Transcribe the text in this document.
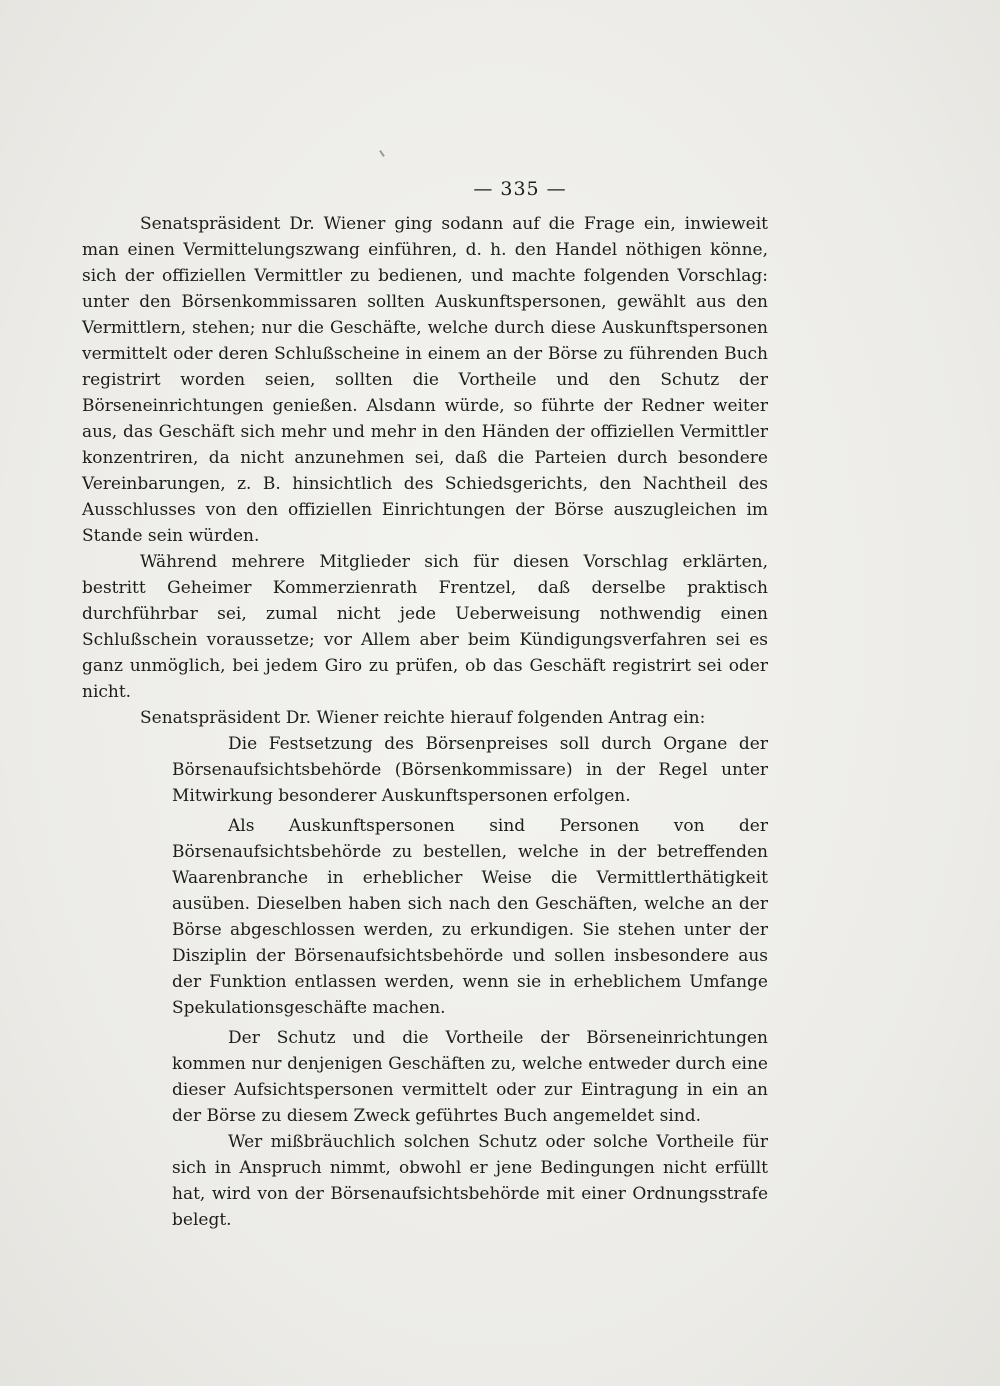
— 335 —

Senatspräsident Dr. Wiener ging sodann auf die Frage ein, inwieweit man einen Vermittelungszwang einführen, d. h. den Handel nöthigen könne, sich der offiziellen Vermittler zu bedienen, und machte folgenden Vorschlag: unter den Börsenkommissaren sollten Auskunftspersonen, gewählt aus den Vermittlern, stehen; nur die Geschäfte, welche durch diese Auskunftspersonen vermittelt oder deren Schlußscheine in einem an der Börse zu führenden Buch registrirt worden seien, sollten die Vortheile und den Schutz der Börseneinrichtungen genießen. Alsdann würde, so führte der Redner weiter aus, das Geschäft sich mehr und mehr in den Händen der offiziellen Vermittler konzentriren, da nicht anzunehmen sei, daß die Parteien durch besondere Vereinbarungen, z. B. hinsichtlich des Schiedsgerichts, den Nachtheil des Ausschlusses von den offiziellen Einrichtungen der Börse auszugleichen im Stande sein würden.

Während mehrere Mitglieder sich für diesen Vorschlag erklärten, bestritt Geheimer Kommerzienrath Frentzel, daß derselbe praktisch durchführbar sei, zumal nicht jede Ueberweisung nothwendig einen Schlußschein voraussetze; vor Allem aber beim Kündigungsverfahren sei es ganz unmöglich, bei jedem Giro zu prüfen, ob das Geschäft registrirt sei oder nicht.

Senatspräsident Dr. Wiener reichte hierauf folgenden Antrag ein:

Die Festsetzung des Börsenpreises soll durch Organe der Börsenaufsichtsbehörde (Börsenkommissare) in der Regel unter Mitwirkung besonderer Auskunftspersonen erfolgen.

Als Auskunftspersonen sind Personen von der Börsenaufsichtsbehörde zu bestellen, welche in der betreffenden Waarenbranche in erheblicher Weise die Vermittlerthätigkeit ausüben. Dieselben haben sich nach den Geschäften, welche an der Börse abgeschlossen werden, zu erkundigen. Sie stehen unter der Disziplin der Börsenaufsichtsbehörde und sollen insbesondere aus der Funktion entlassen werden, wenn sie in erheblichem Umfange Spekulationsgeschäfte machen.

Der Schutz und die Vortheile der Börseneinrichtungen kommen nur denjenigen Geschäften zu, welche entweder durch eine dieser Aufsichtspersonen vermittelt oder zur Eintragung in ein an der Börse zu diesem Zweck geführtes Buch angemeldet sind.

Wer mißbräuchlich solchen Schutz oder solche Vortheile für sich in Anspruch nimmt, obwohl er jene Bedingungen nicht erfüllt hat, wird von der Börsenaufsichtsbehörde mit einer Ordnungsstrafe belegt.
